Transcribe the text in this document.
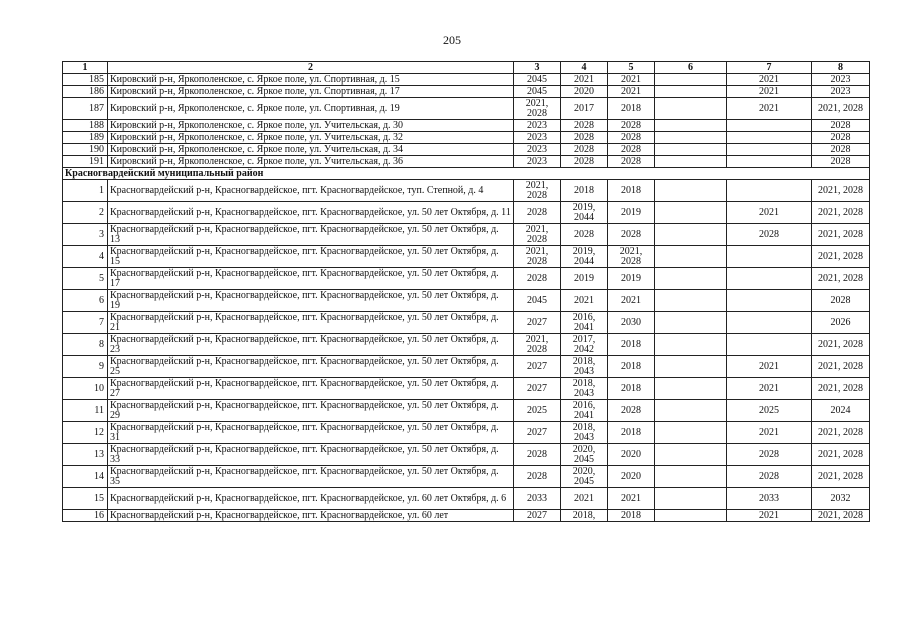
205
1	2	3	4	5	6	7	8
185	Кировский р-н, Яркополенское, с. Яркое поле, ул. Спортивная, д. 15	2045	2021	2021		2021	2023
186	Кировский р-н, Яркополенское, с. Яркое поле, ул. Спортивная, д. 17	2045	2020	2021		2021	2023
187	Кировский р-н, Яркополенское, с. Яркое поле, ул. Спортивная, д. 19	2021, 2028	2017	2018		2021	2021, 2028
188	Кировский р-н, Яркополенское, с. Яркое поле, ул. Учительская, д. 30	2023	2028	2028			2028
189	Кировский р-н, Яркополенское, с. Яркое поле, ул. Учительская, д. 32	2023	2028	2028			2028
190	Кировский р-н, Яркополенское, с. Яркое поле, ул. Учительская, д. 34	2023	2028	2028			2028
191	Кировский р-н, Яркополенское, с. Яркое поле, ул. Учительская, д. 36	2023	2028	2028			2028
Красногвардейский муниципальный район							
1	Красногвардейский р-н, Красногвардейское, пгт. Красногвардейское, туп. Степной, д. 4	2021, 2028	2018	2018			2021, 2028
2	Красногвардейский р-н, Красногвардейское, пгт. Красногвардейское, ул. 50 лет Октября, д. 11	2028	2019, 2044	2019		2021	2021, 2028
3	Красногвардейский р-н, Красногвардейское, пгт. Красногвардейское, ул. 50 лет Октября, д. 13	2021, 2028	2028	2028		2028	2021, 2028
4	Красногвардейский р-н, Красногвардейское, пгт. Красногвардейское, ул. 50 лет Октября, д. 15	2021, 2028	2019, 2044	2021, 2028			2021, 2028
5	Красногвардейский р-н, Красногвардейское, пгт. Красногвардейское, ул. 50 лет Октября, д. 17	2028	2019	2019			2021, 2028
6	Красногвардейский р-н, Красногвардейское, пгт. Красногвардейское, ул. 50 лет Октября, д. 19	2045	2021	2021			2028
7	Красногвардейский р-н, Красногвардейское, пгт. Красногвардейское, ул. 50 лет Октября, д. 21	2027	2016, 2041	2030			2026
8	Красногвардейский р-н, Красногвардейское, пгт. Красногвардейское, ул. 50 лет Октября, д. 23	2021, 2028	2017, 2042	2018			2021, 2028
9	Красногвардейский р-н, Красногвардейское, пгт. Красногвардейское, ул. 50 лет Октября, д. 25	2027	2018, 2043	2018		2021	2021, 2028
10	Красногвардейский р-н, Красногвардейское, пгт. Красногвардейское, ул. 50 лет Октября, д. 27	2027	2018, 2043	2018		2021	2021, 2028
11	Красногвардейский р-н, Красногвардейское, пгт. Красногвардейское, ул. 50 лет Октября, д. 29	2025	2016, 2041	2028		2025	2024
12	Красногвардейский р-н, Красногвардейское, пгт. Красногвардейское, ул. 50 лет Октября, д. 31	2027	2018, 2043	2018		2021	2021, 2028
13	Красногвардейский р-н, Красногвардейское, пгт. Красногвардейское, ул. 50 лет Октября, д. 33	2028	2020, 2045	2020		2028	2021, 2028
14	Красногвардейский р-н, Красногвардейское, пгт. Красногвардейское, ул. 50 лет Октября, д. 35	2028	2020, 2045	2020		2028	2021, 2028
15	Красногвардейский р-н, Красногвардейское, пгт. Красногвардейское, ул. 60 лет Октября, д. 6	2033	2021	2021		2033	2032
16	Красногвардейский р-н, Красногвардейское, пгт. Красногвардейское, ул. 60 лет	2027	2018,	2018		2021	2021, 2028
